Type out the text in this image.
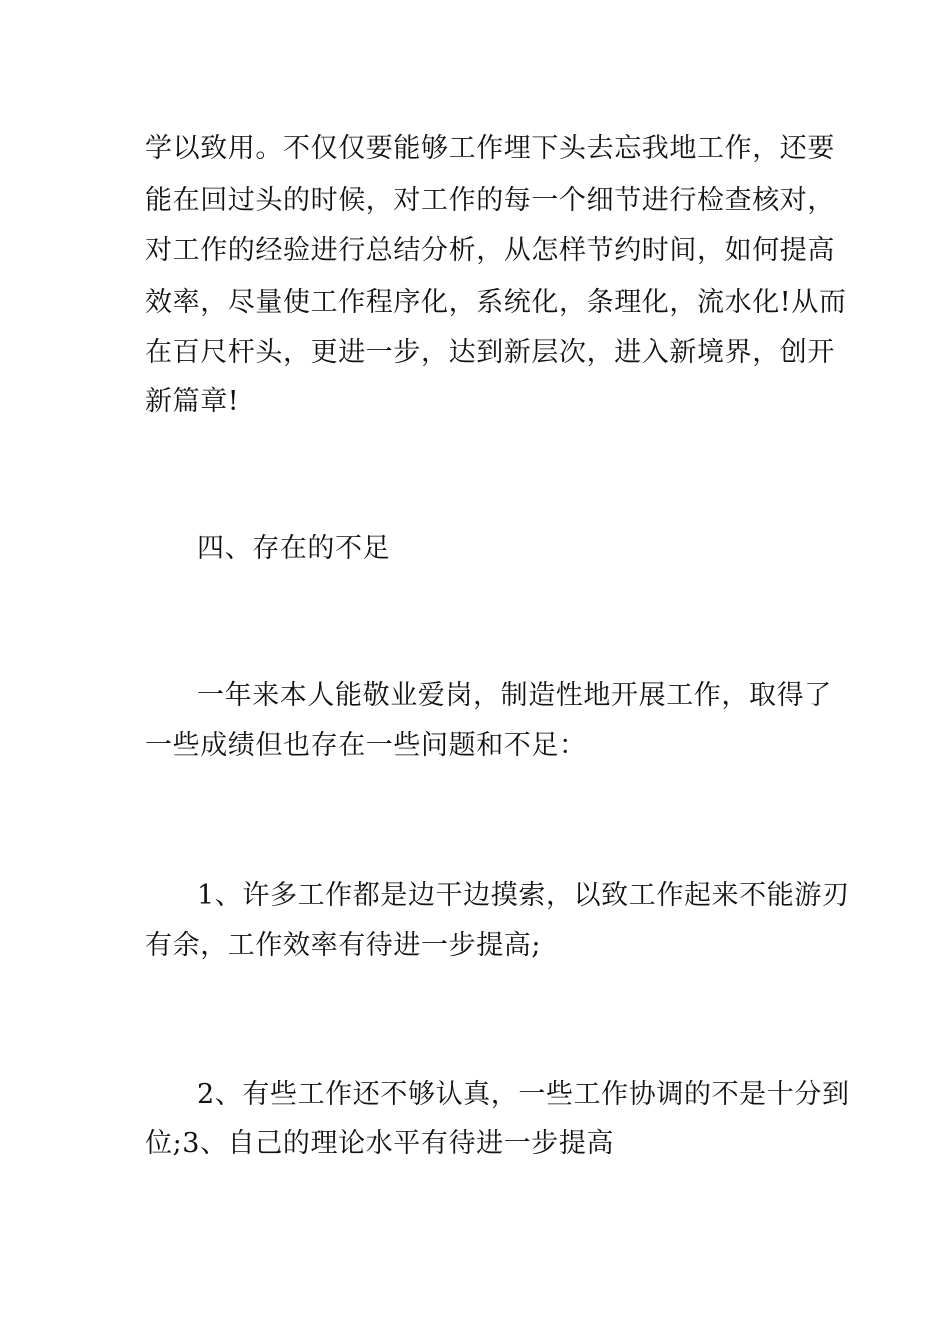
学以致用。不仅仅要能够工作埋下头去忘我地工作，还要
能在回过头的时候，对工作的每一个细节进行检查核对，
对工作的经验进行总结分析，从怎样节约时间，如何提高
效率，尽量使工作程序化，系统化，条理化，流水化!从而
在百尺杆头，更进一步，达到新层次，进入新境界，创开
新篇章!
四、存在的不足
一年来本人能敬业爱岗，制造性地开展工作，取得了
一些成绩但也存在一些问题和不足：
1、许多工作都是边干边摸索，以致工作起来不能游刃
有余，工作效率有待进一步提高;
2、有些工作还不够认真，一些工作协调的不是十分到
位;3、自己的理论水平有待进一步提高
